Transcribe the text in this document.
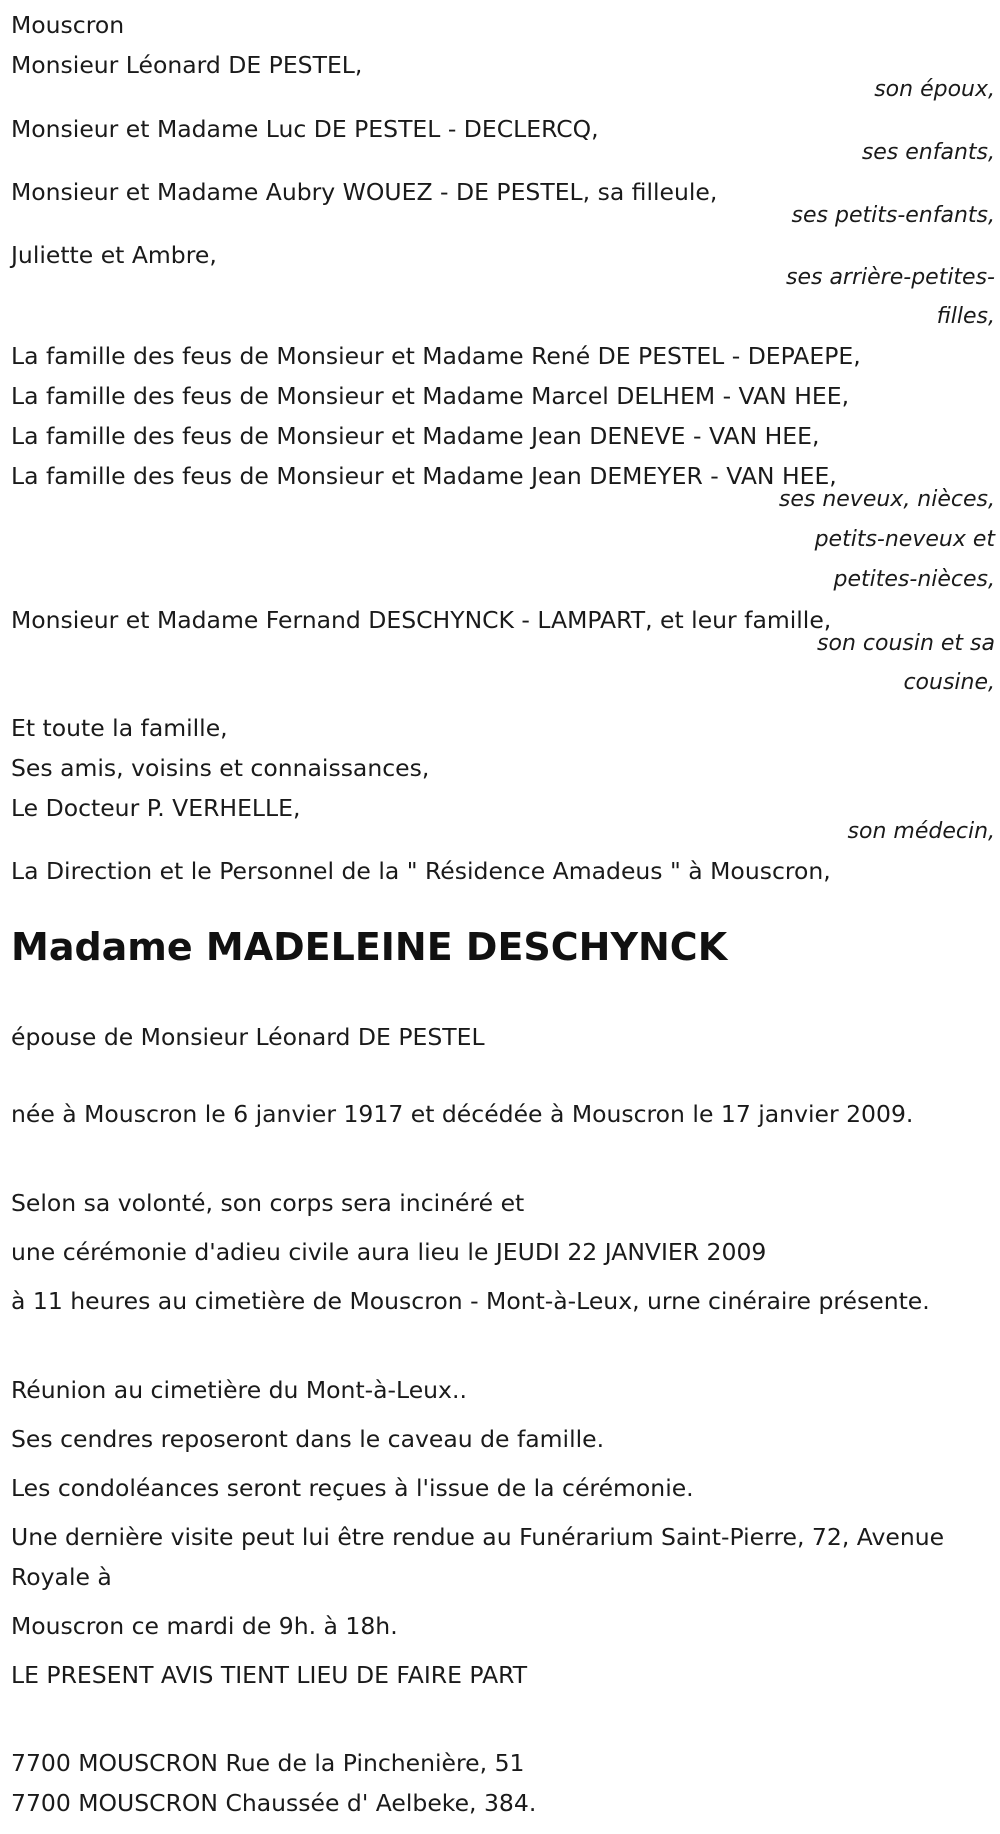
Mouscron
Monsieur Léonard DE PESTEL,
son époux,
Monsieur et Madame Luc DE PESTEL - DECLERCQ,
ses enfants,
Monsieur et Madame Aubry WOUEZ - DE PESTEL, sa filleule,
ses petits-enfants,
Juliette et Ambre,
ses arrière-petites-
filles,
La famille des feus de Monsieur et Madame René DE PESTEL - DEPAEPE,
La famille des feus de Monsieur et Madame Marcel DELHEM - VAN HEE,
La famille des feus de Monsieur et Madame Jean DENEVE - VAN HEE,
La famille des feus de Monsieur et Madame Jean DEMEYER - VAN HEE,
ses neveux, nièces,
petits-neveux et
petites-nièces,
Monsieur et Madame Fernand DESCHYNCK - LAMPART, et leur famille,
son cousin et sa
cousine,
Et toute la famille,
Ses amis, voisins et connaissances,
Le Docteur P. VERHELLE,
son médecin,
La Direction et le Personnel de la " Résidence Amadeus " à Mouscron,
Madame MADELEINE DESCHYNCK
épouse de Monsieur Léonard DE PESTEL
née à Mouscron le 6 janvier 1917 et décédée à Mouscron le 17 janvier 2009.
Selon sa volonté, son corps sera incinéré et
une cérémonie d'adieu civile aura lieu le JEUDI 22 JANVIER 2009
à 11 heures au cimetière de Mouscron - Mont-à-Leux, urne cinéraire présente.
Réunion au cimetière du Mont-à-Leux..
Ses cendres reposeront dans le caveau de famille.
Les condoléances seront reçues à l'issue de la cérémonie.
Une dernière visite peut lui être rendue au Funérarium Saint-Pierre, 72, Avenue Royale à
Mouscron ce mardi de 9h. à 18h.
LE PRESENT AVIS TIENT LIEU DE FAIRE PART
7700 MOUSCRON Rue de la Pinchenière, 51
7700 MOUSCRON Chaussée d' Aelbeke, 384.
